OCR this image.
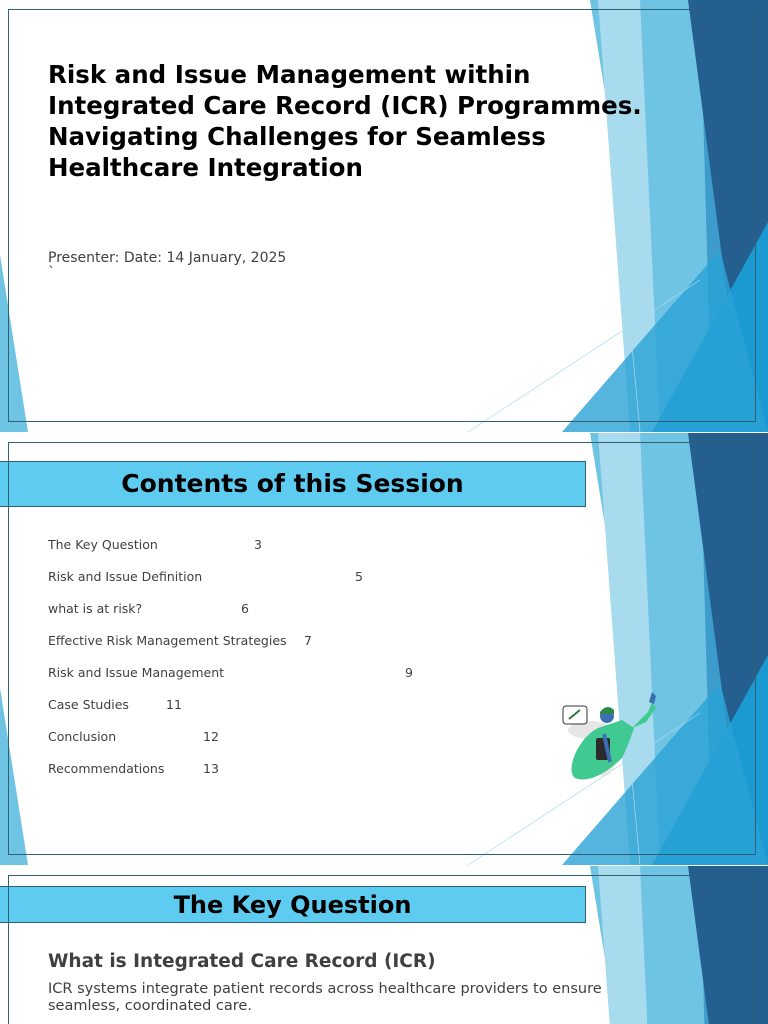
Risk and Issue Management within
Integrated Care Record (ICR) Programmes.
Navigating Challenges for Seamless
Healthcare Integration

Presenter: Date: 14 January, 2025

`

Contents of this Session
The Key Question	3
Risk and Issue Definition	5
what is at risk?	6
Effective Risk Management Strategies 7
Risk and Issue Management	9
Case Studies	11
Conclusion	12
Recommendations	13
The Key Question
What is Integrated Care Record (ICR)

ICR systems integrate patient records across healthcare providers to ensure seamless, coordinated care.
